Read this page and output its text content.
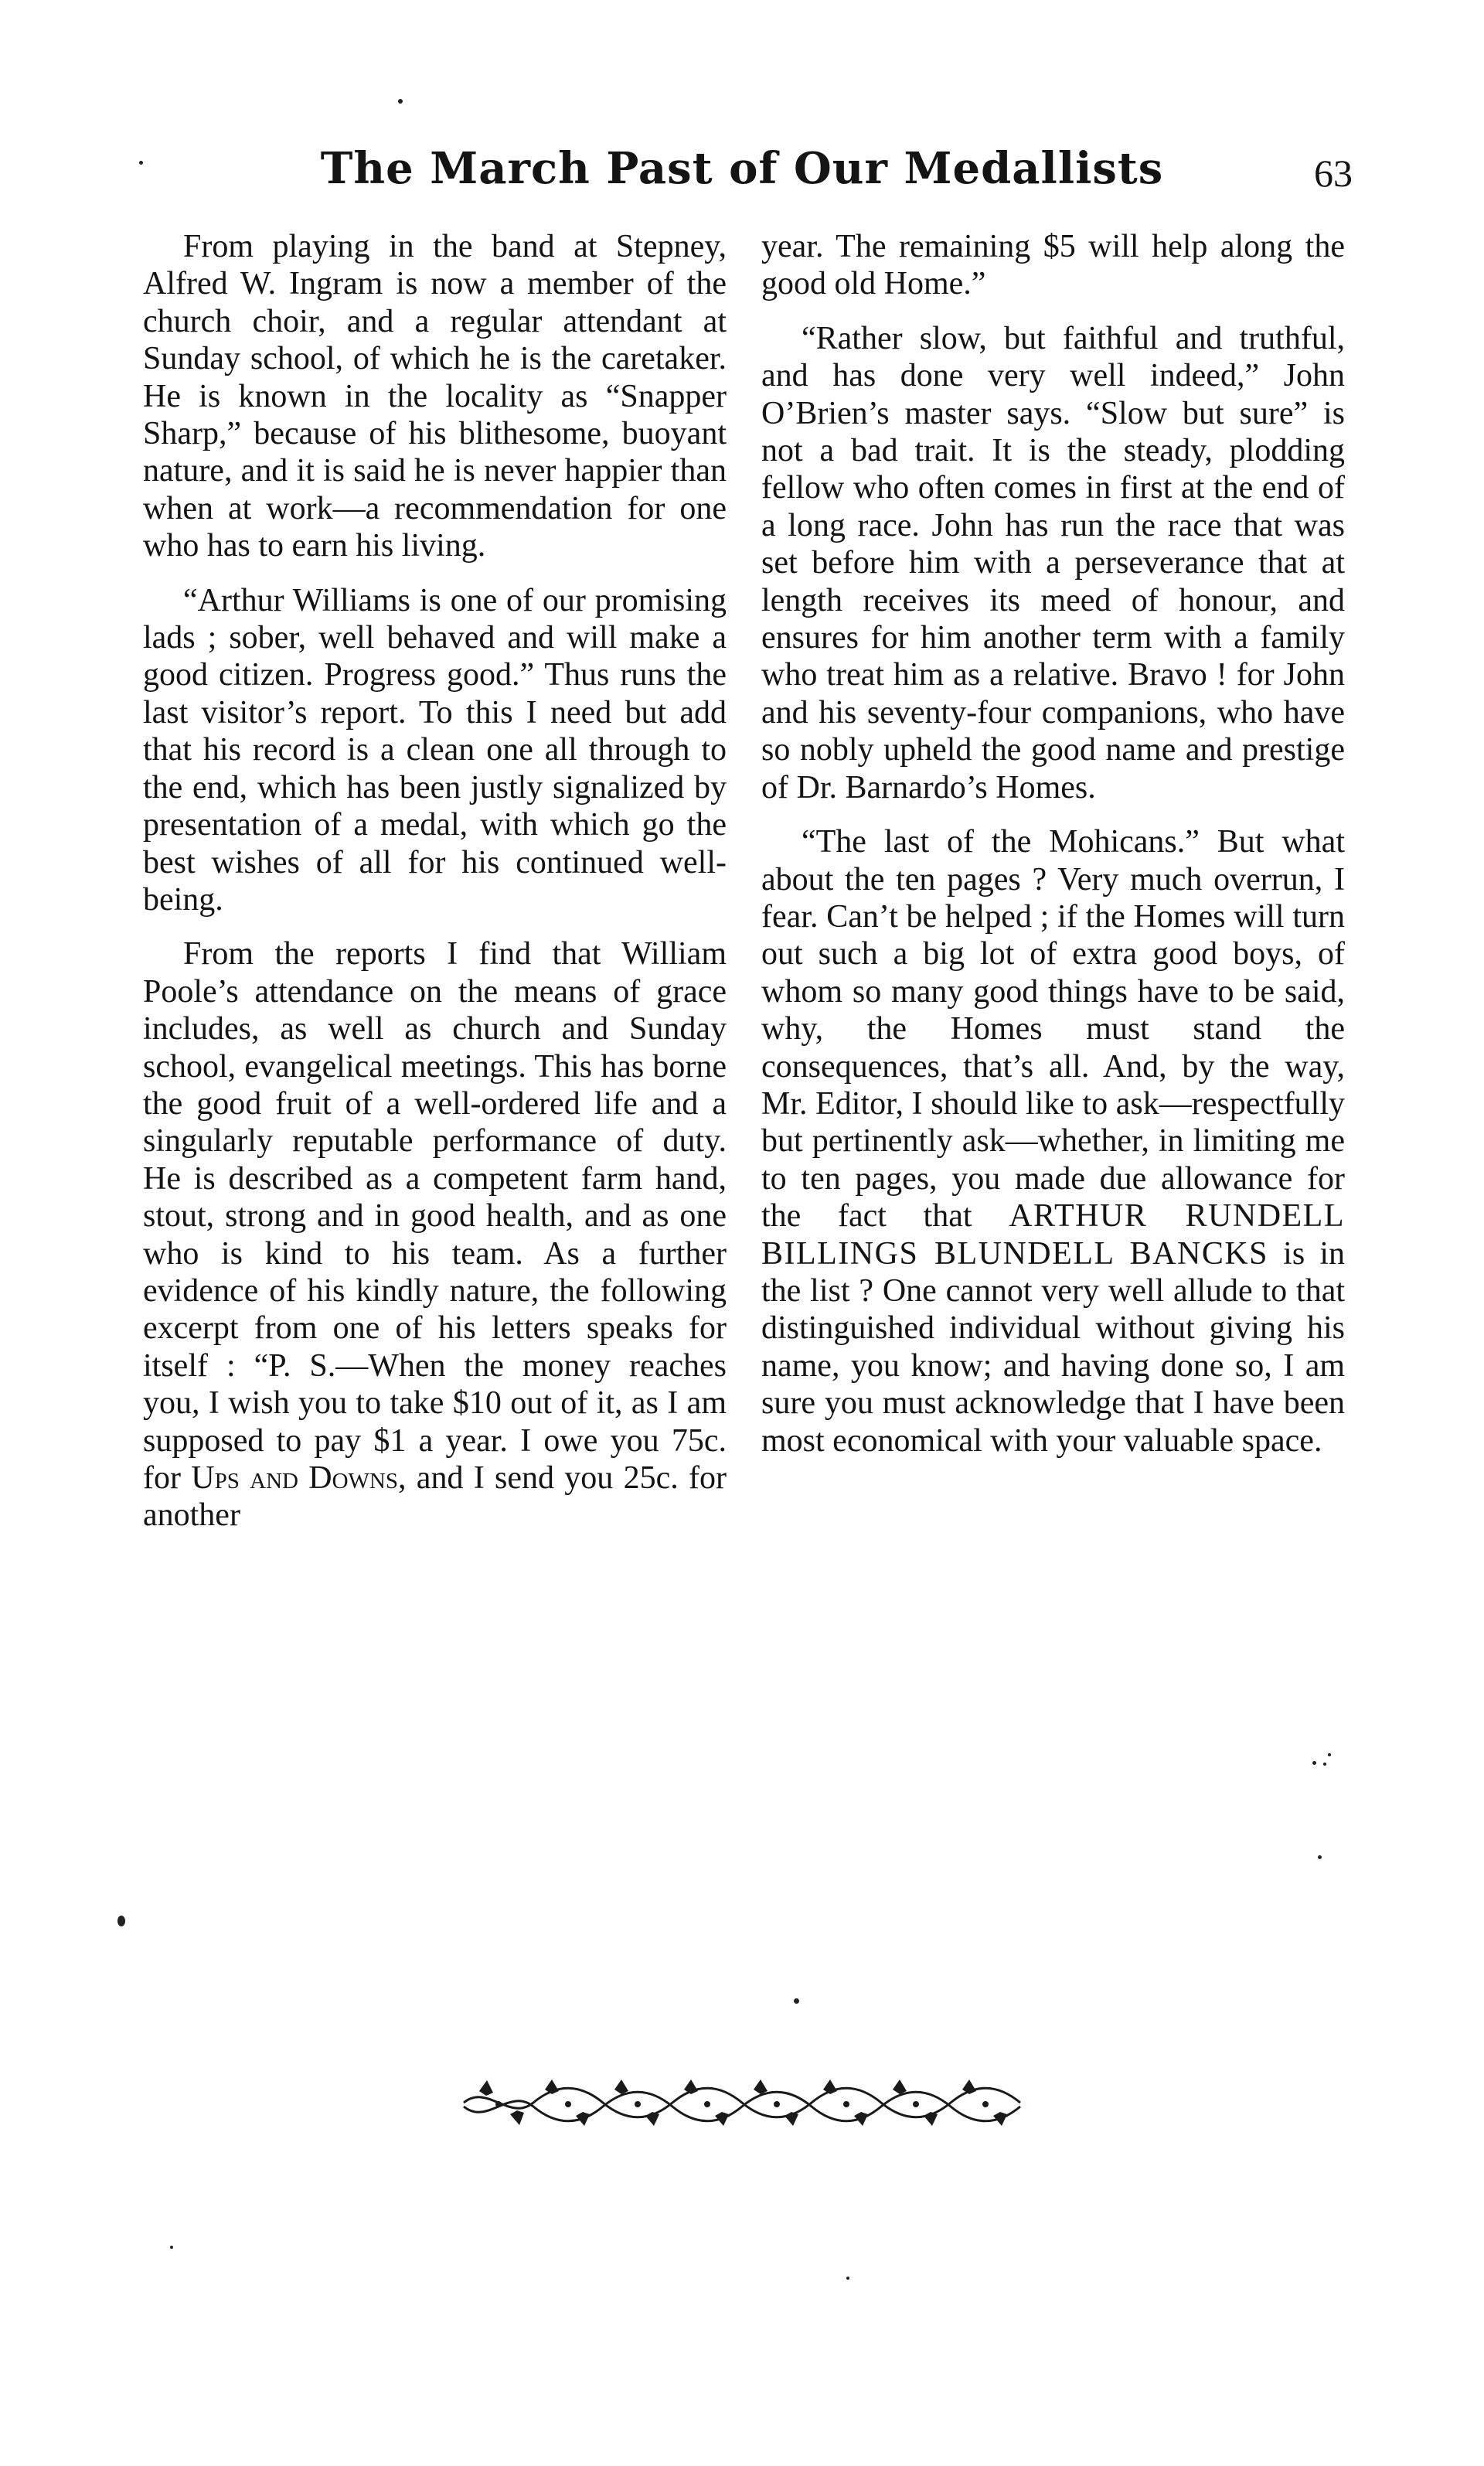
The March Past of Our Medallists	63

From playing in the band at Stepney, Alfred W. Ingram is now a member of the church choir, and a regular attendant at Sunday school, of which he is the caretaker. He is known in the locality as “Snapper Sharp,” because of his blithesome, buoyant nature, and it is said he is never happier than when at work—a recommendation for one who has to earn his living.

“Arthur Williams is one of our promising lads ; sober, well behaved and will make a good citizen. Progress good.” Thus runs the last visitor’s report. To this I need but add that his record is a clean one all through to the end, which has been justly signalized by presentation of a medal, with which go the best wishes of all for his continued well-being.

From the reports I find that William Poole’s attendance on the means of grace includes, as well as church and Sunday school, evangelical meetings. This has borne the good fruit of a well-ordered life and a singularly reputable performance of duty. He is described as a competent farm hand, stout, strong and in good health, and as one who is kind to his team. As a further evidence of his kindly nature, the following excerpt from one of his letters speaks for itself : “P. S.—When the money reaches you, I wish you to take $10 out of it, as I am supposed to pay $1 a year. I owe you 75c. for Ups and Downs, and I send you 25c. for another

year. The remaining $5 will help along the good old Home.”

“Rather slow, but faithful and truthful, and has done very well indeed,” John O’Brien’s master says. “Slow but sure” is not a bad trait. It is the steady, plodding fellow who often comes in first at the end of a long race. John has run the race that was set before him with a perseverance that at length receives its meed of honour, and ensures for him another term with a family who treat him as a relative. Bravo ! for John and his seventy-four companions, who have so nobly upheld the good name and prestige of Dr. Barnardo’s Homes.

“The last of the Mohicans.” But what about the ten pages ? Very much overrun, I fear. Can’t be helped ; if the Homes will turn out such a big lot of extra good boys, of whom so many good things have to be said, why, the Homes must stand the consequences, that’s all. And, by the way, Mr. Editor, I should like to ask—respectfully but pertinently ask—whether, in limiting me to ten pages, you made due allowance for the fact that ARTHUR RUNDELL BILLINGS BLUNDELL BANCKS is in the list ? One cannot very well allude to that distinguished individual without giving his name, you know; and having done so, I am sure you must acknowledge that I have been most economical with your valuable space.
